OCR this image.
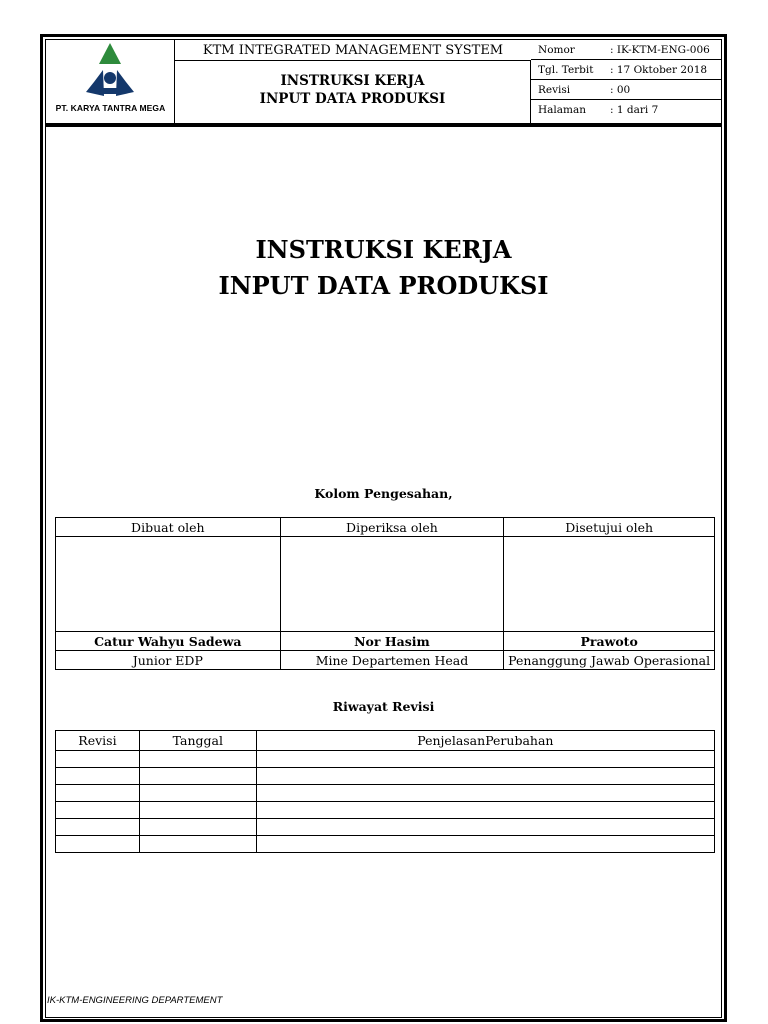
PT. KARYA TANTRA MEGA
KTM INTEGRATED MANAGEMENT SYSTEM
INSTRUKSI KERJA
INPUT DATA PRODUKSI
Nomor	: IK-KTM-ENG-006
Tgl. Terbit : 17 Oktober 2018
Revisi	: 00
Halaman : 1 dari 7
INSTRUKSI KERJA
INPUT DATA PRODUKSI
Kolom Pengesahan,
Dibuat oleh	Diperiksa oleh	Disetujui oleh

Catur Wahyu Sadewa	Nor Hasim	Prawoto
Junior EDP	Mine Departemen Head	Penanggung Jawab Operasional
Riwayat Revisi
Revisi	Tanggal	PenjelasanPerubahan

IK-KTM-ENGINEERING DEPARTEMENT
